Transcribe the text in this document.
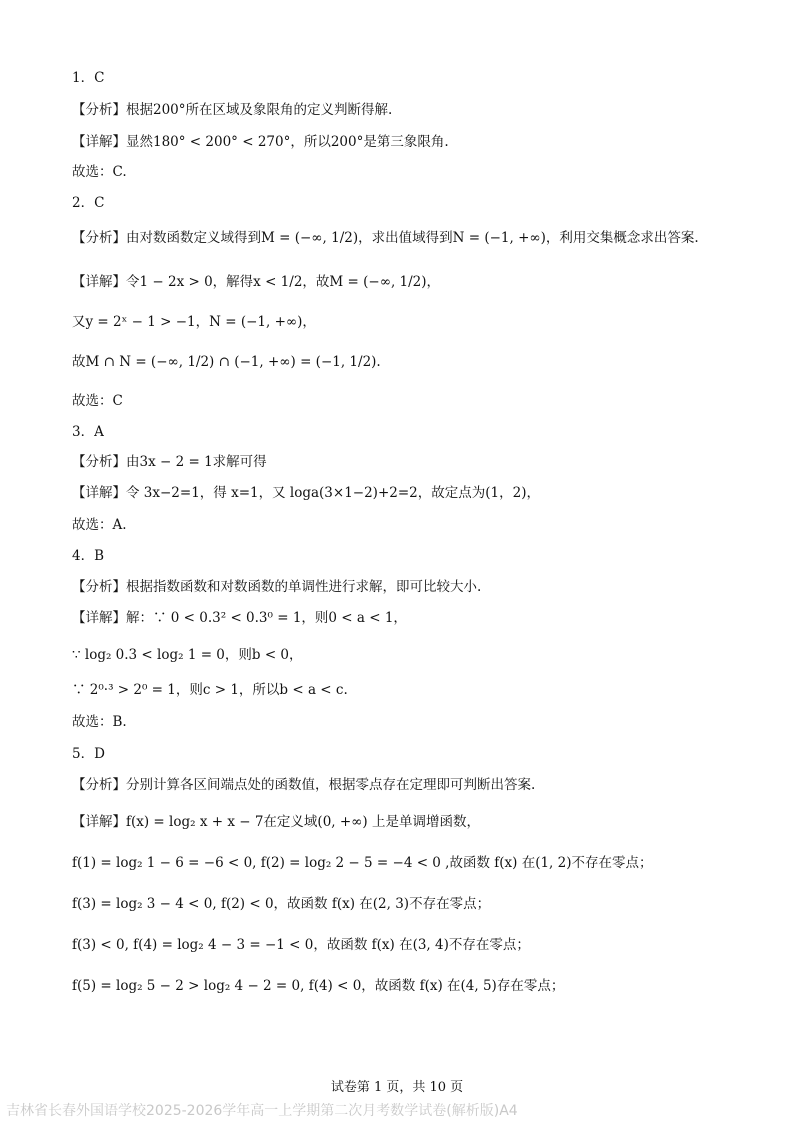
1．C
【分析】根据200°所在区域及象限角的定义判断得解.
【详解】显然180° < 200° < 270°，所以200°是第三象限角.
故选：C.
2．C
【分析】由对数函数定义域得到M = (−∞, 1/2)，求出值域得到N = (−1, +∞)，利用交集概念求出答案.
【详解】令1 − 2x > 0，解得x < 1/2，故M = (−∞, 1/2)，
又y = 2ˣ − 1 > −1，N = (−1, +∞)，
故M ∩ N = (−∞, 1/2) ∩ (−1, +∞) = (−1, 1/2).
故选：C
3．A
【分析】由3x − 2 = 1求解可得
【详解】令 3x−2=1，得 x=1，又 loga(3×1−2)+2=2，故定点为(1，2)，
故选：A.
4．B
【分析】根据指数函数和对数函数的单调性进行求解，即可比较大小.
【详解】解：∵ 0 < 0.3² < 0.3⁰ = 1，则0 < a < 1，
∵ log₂ 0.3 < log₂ 1 = 0，则b < 0，
∵ 2⁰·³ > 2⁰ = 1，则c > 1，所以b < a < c.
故选：B.
5．D
【分析】分别计算各区间端点处的函数值，根据零点存在定理即可判断出答案.
【详解】f(x) = log₂ x + x − 7在定义域(0, +∞) 上是单调增函数，
f(1) = log₂ 1 − 6 = −6 < 0, f(2) = log₂ 2 − 5 = −4 < 0 ,故函数 f(x) 在(1, 2)不存在零点；
f(3) = log₂ 3 − 4 < 0, f(2) < 0，故函数 f(x) 在(2, 3)不存在零点；
f(3) < 0, f(4) = log₂ 4 − 3 = −1 < 0，故函数 f(x) 在(3, 4)不存在零点；
f(5) = log₂ 5 − 2 > log₂ 4 − 2 = 0, f(4) < 0，故函数 f(x) 在(4, 5)存在零点；
试卷第 1 页，共 10 页
吉林省长春外国语学校2025-2026学年高一上学期第二次月考数学试卷(解析版)A4
